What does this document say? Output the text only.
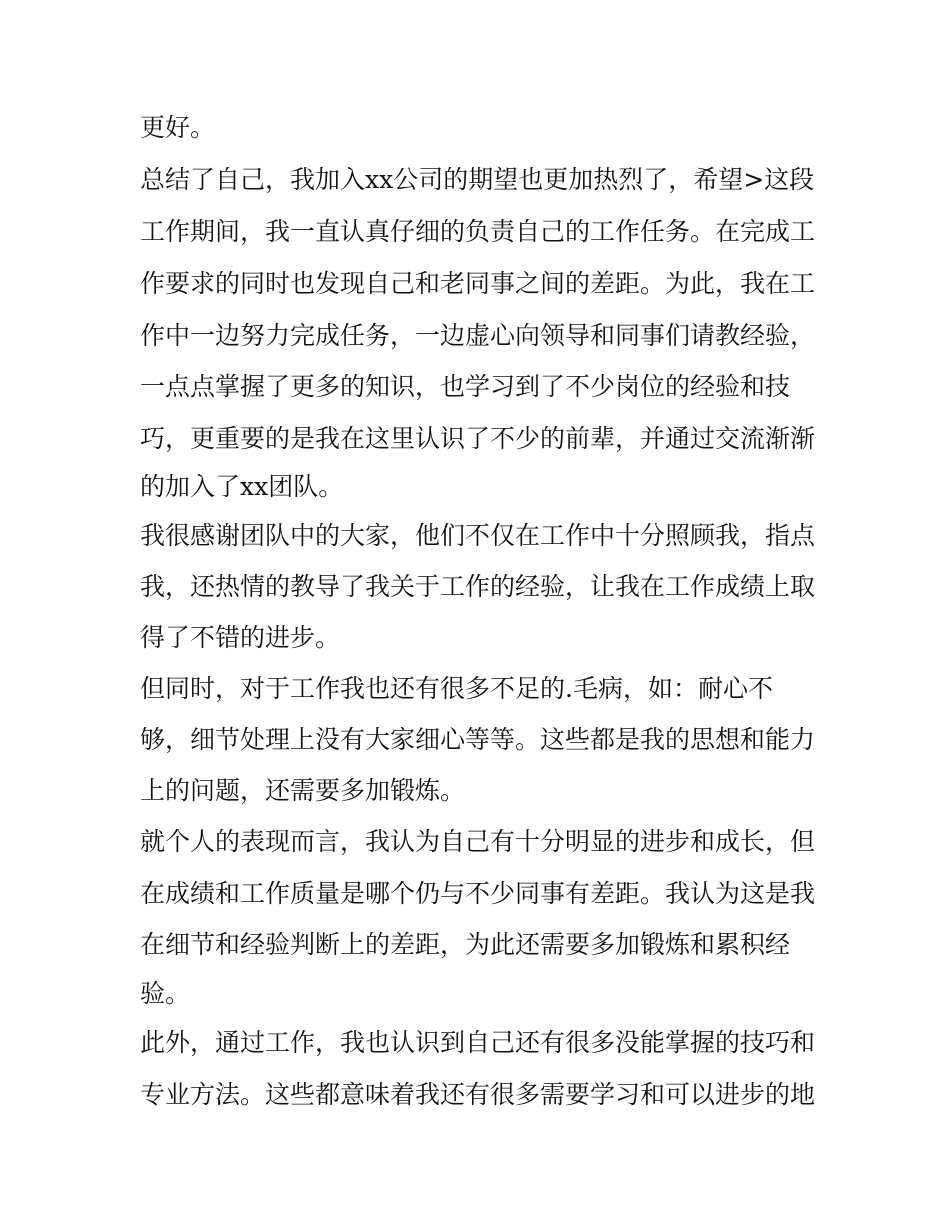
更好。

总结了自己，我加入xx公司的期望也更加热烈了，希望>这段

工作期间，我一直认真仔细的负责自己的工作任务。在完成工

作要求的同时也发现自己和老同事之间的差距。为此，我在工

作中一边努力完成任务，一边虚心向领导和同事们请教经验，

一点点掌握了更多的知识，也学习到了不少岗位的经验和技

巧，更重要的是我在这里认识了不少的前辈，并通过交流渐渐

的加入了xx团队。

我很感谢团队中的大家，他们不仅在工作中十分照顾我，指点

我，还热情的教导了我关于工作的经验，让我在工作成绩上取

得了不错的进步。

但同时，对于工作我也还有很多不足的.毛病，如：耐心不

够，细节处理上没有大家细心等等。这些都是我的思想和能力

上的问题，还需要多加锻炼。

就个人的表现而言，我认为自己有十分明显的进步和成长，但

在成绩和工作质量是哪个仍与不少同事有差距。我认为这是我

在细节和经验判断上的差距，为此还需要多加锻炼和累积经

验。

此外，通过工作，我也认识到自己还有很多没能掌握的技巧和

专业方法。这些都意味着我还有很多需要学习和可以进步的地
